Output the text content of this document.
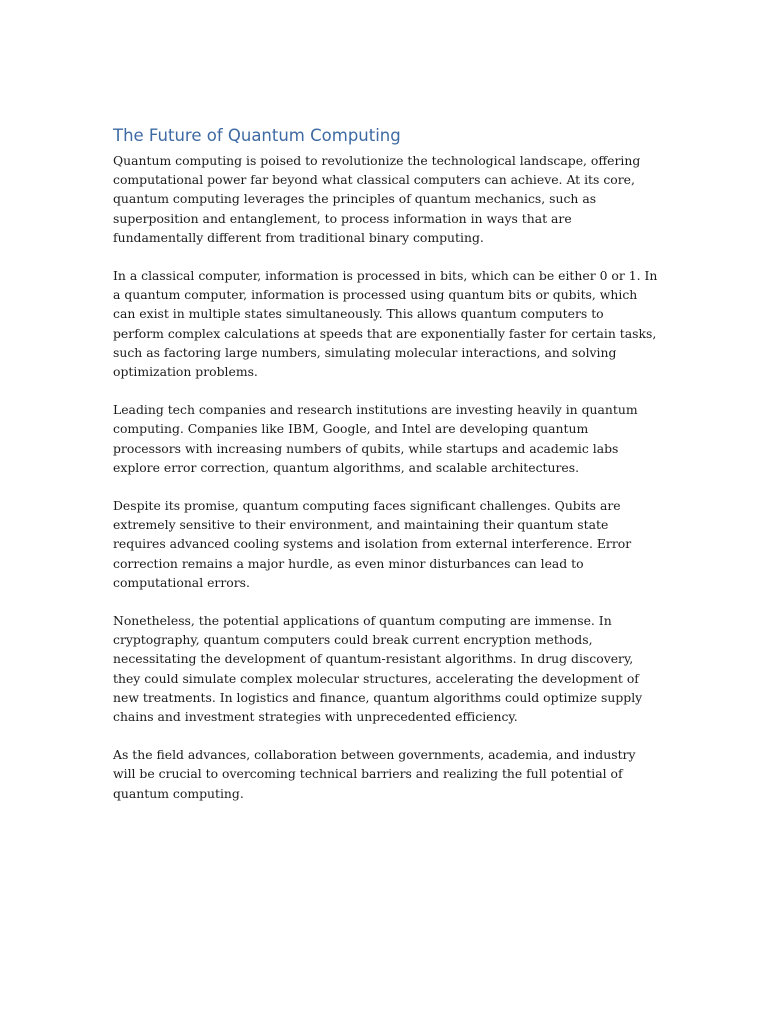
The Future of Quantum Computing

Quantum computing is poised to revolutionize the technological landscape, offering computational power far beyond what classical computers can achieve. At its core, quantum computing leverages the principles of quantum mechanics, such as superposition and entanglement, to process information in ways that are fundamentally different from traditional binary computing.

In a classical computer, information is processed in bits, which can be either 0 or 1. In a quantum computer, information is processed using quantum bits or qubits, which can exist in multiple states simultaneously. This allows quantum computers to perform complex calculations at speeds that are exponentially faster for certain tasks, such as factoring large numbers, simulating molecular interactions, and solving optimization problems.

Leading tech companies and research institutions are investing heavily in quantum computing. Companies like IBM, Google, and Intel are developing quantum processors with increasing numbers of qubits, while startups and academic labs explore error correction, quantum algorithms, and scalable architectures.

Despite its promise, quantum computing faces significant challenges. Qubits are extremely sensitive to their environment, and maintaining their quantum state requires advanced cooling systems and isolation from external interference. Error correction remains a major hurdle, as even minor disturbances can lead to computational errors.

Nonetheless, the potential applications of quantum computing are immense. In cryptography, quantum computers could break current encryption methods, necessitating the development of quantum-resistant algorithms. In drug discovery, they could simulate complex molecular structures, accelerating the development of new treatments. In logistics and finance, quantum algorithms could optimize supply chains and investment strategies with unprecedented efficiency.

As the field advances, collaboration between governments, academia, and industry will be crucial to overcoming technical barriers and realizing the full potential of quantum computing.
